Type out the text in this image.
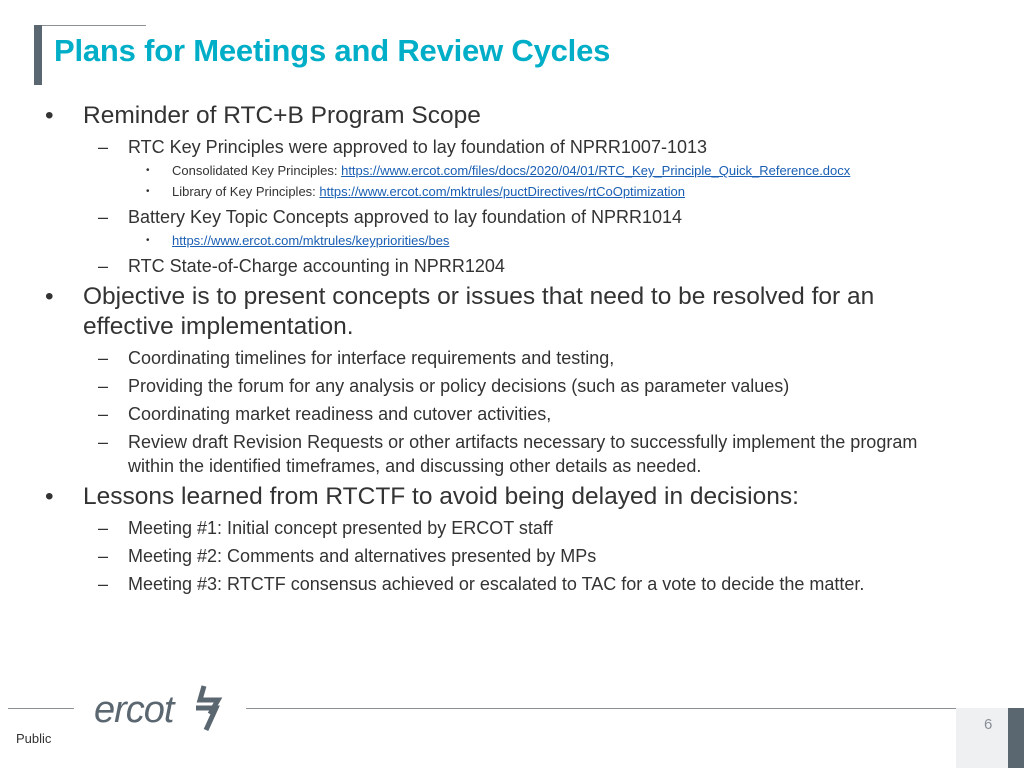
Plans for Meetings and Review Cycles
• Reminder of RTC+B Program Scope
– RTC Key Principles were approved to lay foundation of NPRR1007-1013
• Consolidated Key Principles: https://www.ercot.com/files/docs/2020/04/01/RTC_Key_Principle_Quick_Reference.docx
• Library of Key Principles: https://www.ercot.com/mktrules/puctDirectives/rtCoOptimization
– Battery Key Topic Concepts approved to lay foundation of NPRR1014
• https://www.ercot.com/mktrules/keypriorities/bes
– RTC State-of-Charge accounting in NPRR1204
• Objective is to present concepts or issues that need to be resolved for an effective implementation.
– Coordinating timelines for interface requirements and testing,
– Providing the forum for any analysis or policy decisions (such as parameter values)
– Coordinating market readiness and cutover activities,
– Review draft Revision Requests or other artifacts necessary to successfully implement the program within the identified timeframes, and discussing other details as needed.
• Lessons learned from RTCTF to avoid being delayed in decisions:
– Meeting #1: Initial concept presented by ERCOT staff
– Meeting #2: Comments and alternatives presented by MPs
– Meeting #3: RTCTF consensus achieved or escalated to TAC for a vote to decide the matter.
ercot
Public
6
